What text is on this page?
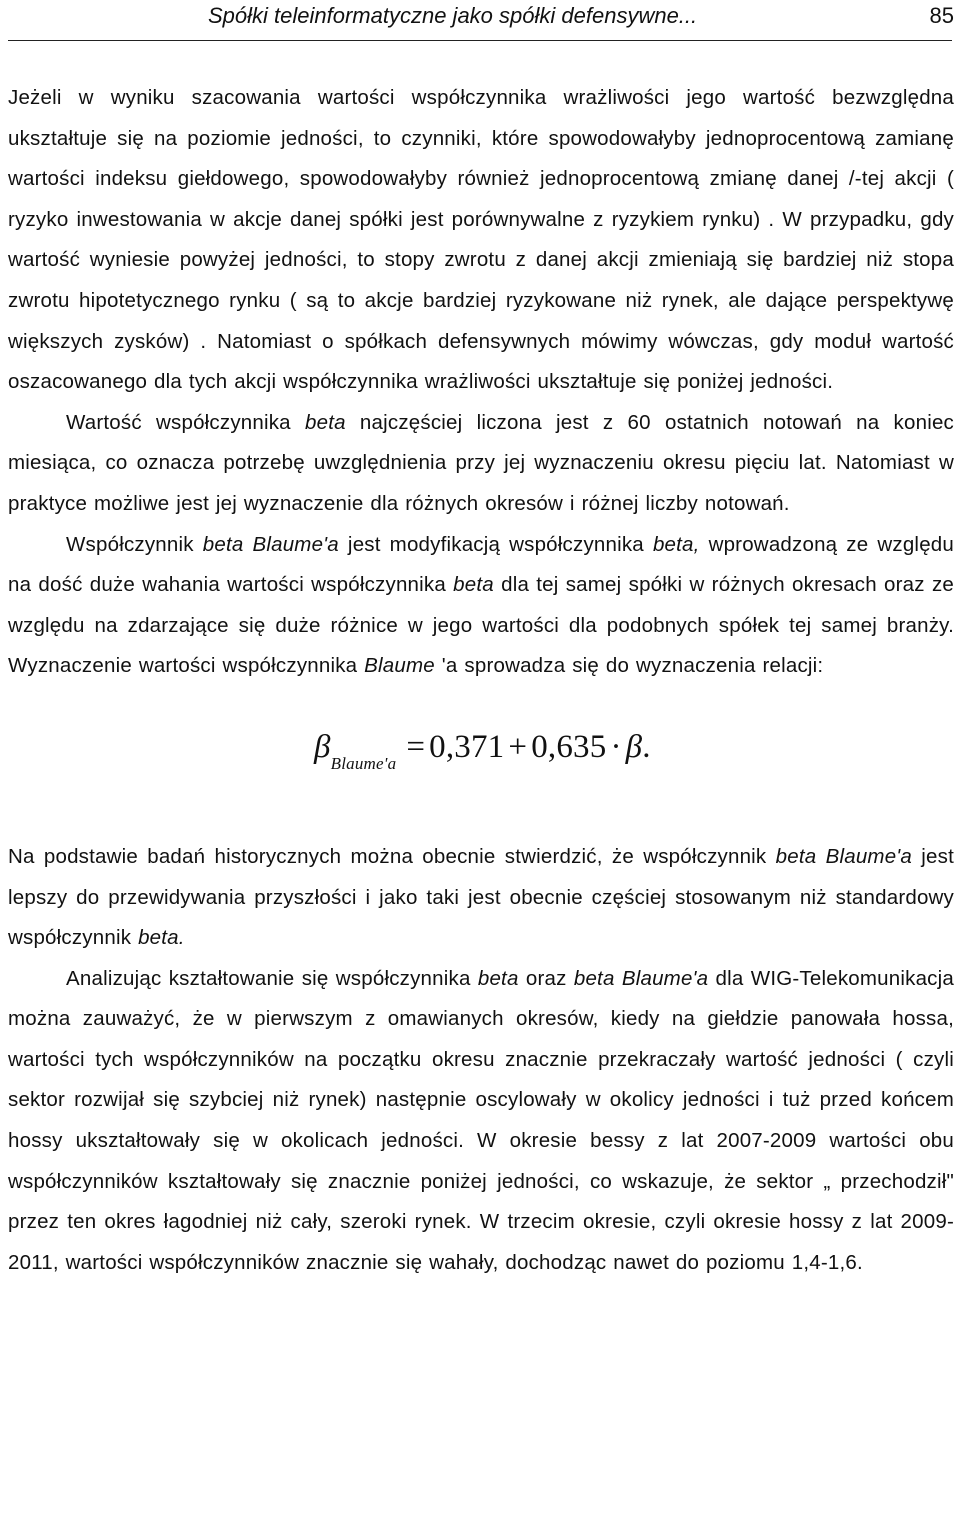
Spółki teleinformatyczne jako spółki defensywne...	85

Jeżeli w wyniku szacowania wartości współczynnika wrażliwości jego wartość bezwzględna ukształtuje się na poziomie jedności, to czynniki, które spowodowałyby jednoprocentową zamianę wartości indeksu giełdowego, spowodowałyby również jednoprocentową zmianę danej /-tej akcji ( ryzyko inwestowania w akcje danej spółki jest porównywalne z ryzykiem rynku) . W przypadku, gdy wartość wyniesie powyżej jedności, to stopy zwrotu z danej akcji zmieniają się bardziej niż stopa zwrotu hipotetycznego rynku ( są to akcje bardziej ryzykowane niż rynek, ale dające perspektywę większych zysków) . Natomiast o spółkach defensywnych mówimy wówczas, gdy moduł wartość oszacowanego dla tych akcji współczynnika wrażliwości ukształtuje się poniżej jedności.

Wartość współczynnika beta najczęściej liczona jest z 60 ostatnich notowań na koniec miesiąca, co oznacza potrzebę uwzględnienia przy jej wyznaczeniu okresu pięciu lat. Natomiast w praktyce możliwe jest jej wyznaczenie dla różnych okresów i różnej liczby notowań.

Współczynnik beta Blaume'a jest modyfikacją współczynnika beta, wprowadzoną ze względu na dość duże wahania wartości współczynnika beta dla tej samej spółki w różnych okresach oraz ze względu na zdarzające się duże różnice w jego wartości dla podobnych spółek tej samej branży. Wyznaczenie wartości współczynnika Blaume 'a sprowadza się do wyznaczenia relacji:

$\beta_{Blaume'a} = 0,371 + 0,635 \cdot \beta$.

Na podstawie badań historycznych można obecnie stwierdzić, że współczynnik beta Blaume'a jest lepszy do przewidywania przyszłości i jako taki jest obecnie częściej stosowanym niż standardowy współczynnik beta.

Analizując kształtowanie się współczynnika beta oraz beta Blaume'a dla WIG-Telekomunikacja można zauważyć, że w pierwszym z omawianych okresów, kiedy na giełdzie panowała hossa, wartości tych współczynników na początku okresu znacznie przekraczały wartość jedności ( czyli sektor rozwijał się szybciej niż rynek) następnie oscylowały w okolicy jedności i tuż przed końcem hossy ukształtowały się w okolicach jedności. W okresie bessy z lat 2007-2009 wartości obu współczynników kształtowały się znacznie poniżej jedności, co wskazuje, że sektor „ przechodził" przez ten okres łagodniej niż cały, szeroki rynek. W trzecim okresie, czyli okresie hossy z lat 2009-2011, wartości współczynników znacznie się wahały, dochodząc nawet do poziomu 1,4-1,6.
